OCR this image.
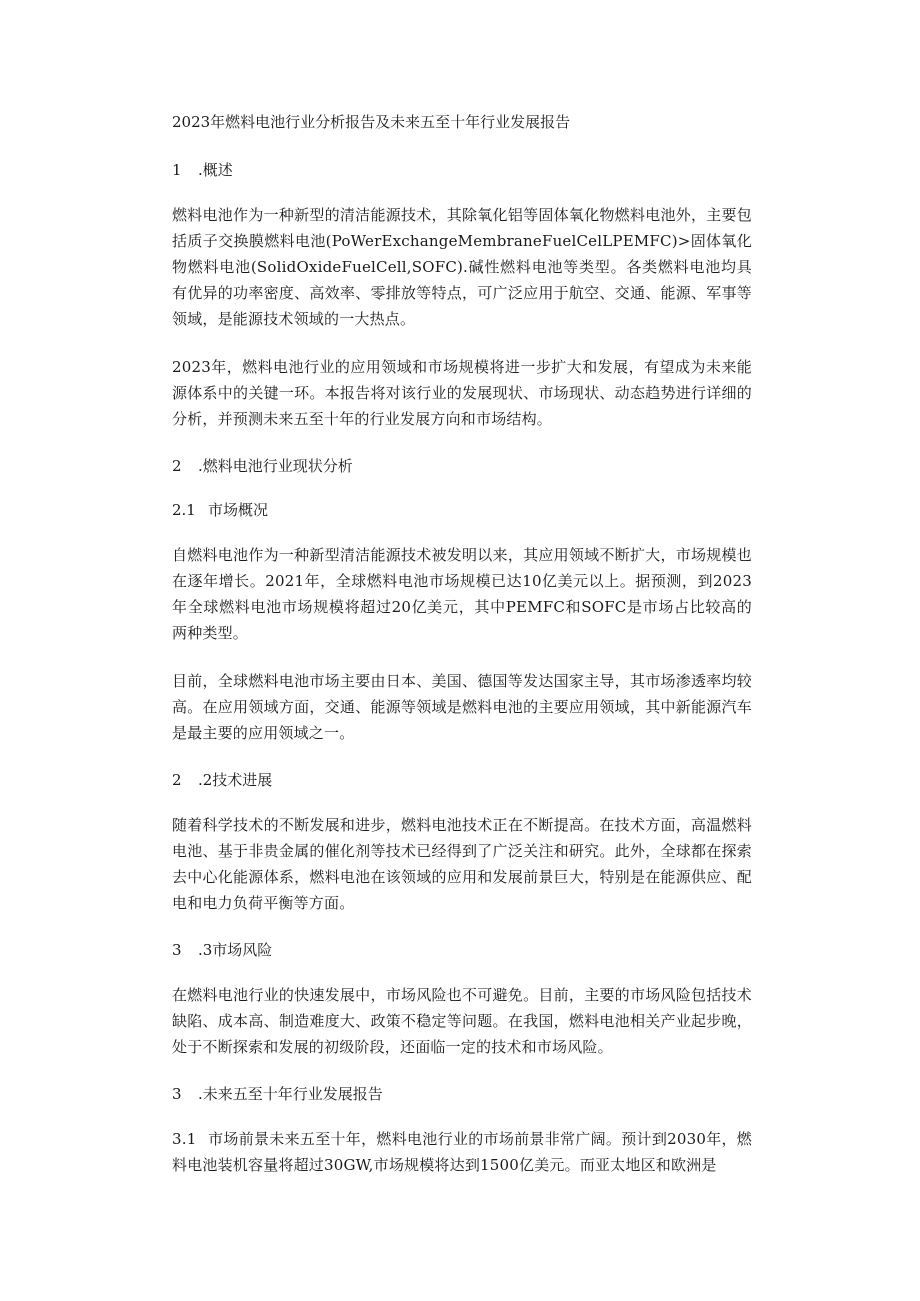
2023年燃料电池行业分析报告及未来五至十年行业发展报告

1 .概述

燃料电池作为一种新型的清洁能源技术，其除氧化铝等固体氧化物燃料电池外，主要包括质子交换膜燃料电池(PoWerExchangeMembraneFuelCelLPEMFC)>固体氧化物燃料电池(SolidOxideFuelCell,SOFC).碱性燃料电池等类型。各类燃料电池均具有优异的功率密度、高效率、零排放等特点，可广泛应用于航空、交通、能源、军事等领域，是能源技术领域的一大热点。

2023年，燃料电池行业的应用领域和市场规模将进一步扩大和发展，有望成为未来能源体系中的关键一环。本报告将对该行业的发展现状、市场现状、动态趋势进行详细的分析，并预测未来五至十年的行业发展方向和市场结构。

2 .燃料电池行业现状分析

2.1 市场概况

自燃料电池作为一种新型清洁能源技术被发明以来，其应用领域不断扩大，市场规模也在逐年增长。2021年，全球燃料电池市场规模已达10亿美元以上。据预测，到2023年全球燃料电池市场规模将超过20亿美元，其中PEMFC和SOFC是市场占比较高的两种类型。

目前，全球燃料电池市场主要由日本、美国、德国等发达国家主导，其市场渗透率均较高。在应用领域方面，交通、能源等领域是燃料电池的主要应用领域，其中新能源汽车是最主要的应用领域之一。

2 .2技术进展

随着科学技术的不断发展和进步，燃料电池技术正在不断提高。在技术方面，高温燃料电池、基于非贵金属的催化剂等技术已经得到了广泛关注和研究。此外，全球都在探索去中心化能源体系，燃料电池在该领域的应用和发展前景巨大，特别是在能源供应、配电和电力负荷平衡等方面。

3 .3市场风险

在燃料电池行业的快速发展中，市场风险也不可避免。目前，主要的市场风险包括技术缺陷、成本高、制造难度大、政策不稳定等问题。在我国，燃料电池相关产业起步晚，处于不断探索和发展的初级阶段，还面临一定的技术和市场风险。

3 .未来五至十年行业发展报告

3.1 市场前景未来五至十年，燃料电池行业的市场前景非常广阔。预计到2030年，燃料电池装机容量将超过30GW,市场规模将达到1500亿美元。而亚太地区和欧洲是
